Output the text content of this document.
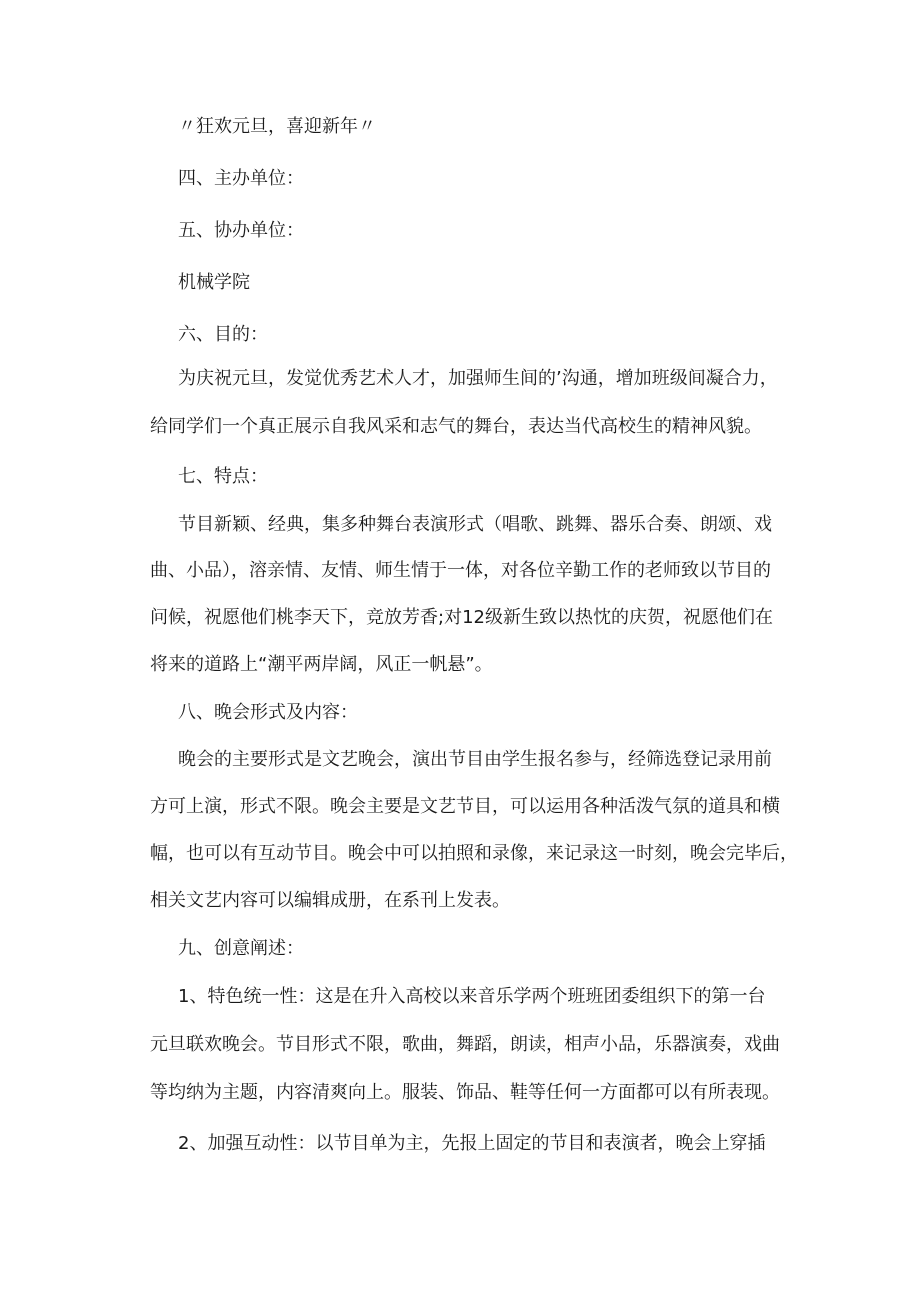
〃狂欢元旦，喜迎新年〃
四、主办单位：
五、协办单位：
机械学院
六、目的：
为庆祝元旦，发觉优秀艺术人才，加强师生间的’沟通，增加班级间凝合力，
给同学们一个真正展示自我风采和志气的舞台，表达当代高校生的精神风貌。
七、特点：
节目新颖、经典，集多种舞台表演形式（唱歌、跳舞、器乐合奏、朗颂、戏
曲、小品），溶亲情、友情、师生情于一体，对各位辛勤工作的老师致以节目的
问候，祝愿他们桃李天下，竞放芳香;对12级新生致以热忱的庆贺，祝愿他们在
将来的道路上“潮平两岸阔，风正一帆悬”。
八、晚会形式及内容：
晚会的主要形式是文艺晚会，演出节目由学生报名参与，经筛选登记录用前
方可上演，形式不限。晚会主要是文艺节目，可以运用各种活泼气氛的道具和横
幅，也可以有互动节目。晚会中可以拍照和录像，来记录这一时刻，晚会完毕后，
相关文艺内容可以编辑成册，在系刊上发表。
九、创意阐述：
1、特色统一性：这是在升入高校以来音乐学两个班班团委组织下的第一台
元旦联欢晚会。节目形式不限，歌曲，舞蹈，朗读，相声小品，乐器演奏，戏曲
等均纳为主题，内容清爽向上。服装、饰品、鞋等任何一方面都可以有所表现。
2、加强互动性：以节目单为主，先报上固定的节目和表演者，晚会上穿插
